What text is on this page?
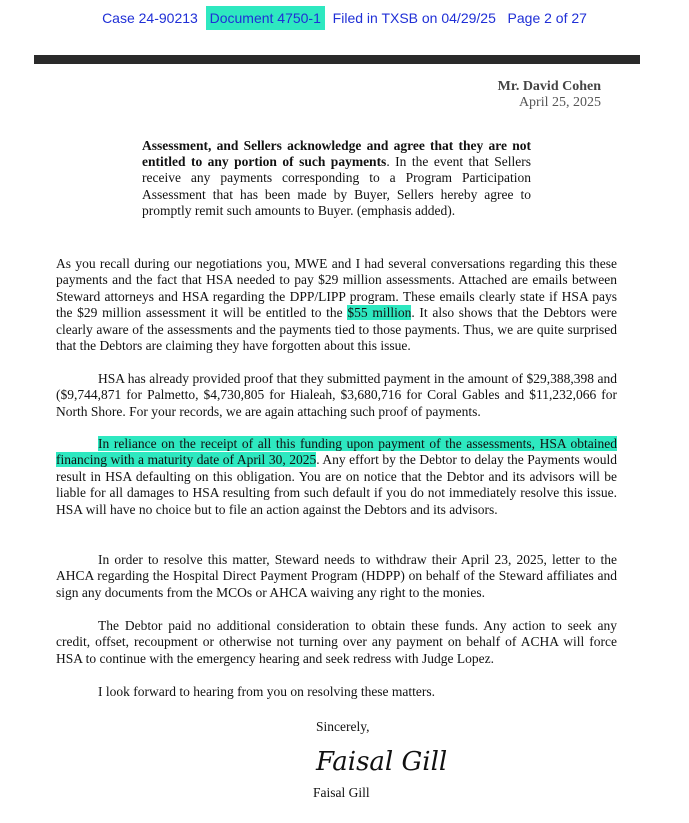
Case 24-90213 Document 4750-1 Filed in TXSB on 04/29/25 Page 2 of 27
Mr. David Cohen
April 25, 2025
Assessment, and Sellers acknowledge and agree that they are not entitled to any portion of such payments. In the event that Sellers receive any payments corresponding to a Program Participation Assessment that has been made by Buyer, Sellers hereby agree to promptly remit such amounts to Buyer. (emphasis added).
As you recall during our negotiations you, MWE and I had several conversations regarding this these payments and the fact that HSA needed to pay $29 million assessments. Attached are emails between Steward attorneys and HSA regarding the DPP/LIPP program. These emails clearly state if HSA pays the $29 million assessment it will be entitled to the $55 million. It also shows that the Debtors were clearly aware of the assessments and the payments tied to those payments. Thus, we are quite surprised that the Debtors are claiming they have forgotten about this issue.
HSA has already provided proof that they submitted payment in the amount of $29,388,398 and ($9,744,871 for Palmetto, $4,730,805 for Hialeah, $3,680,716 for Coral Gables and $11,232,066 for North Shore. For your records, we are again attaching such proof of payments.
In reliance on the receipt of all this funding upon payment of the assessments, HSA obtained financing with a maturity date of April 30, 2025. Any effort by the Debtor to delay the Payments would result in HSA defaulting on this obligation. You are on notice that the Debtor and its advisors will be liable for all damages to HSA resulting from such default if you do not immediately resolve this issue. HSA will have no choice but to file an action against the Debtors and its advisors.
In order to resolve this matter, Steward needs to withdraw their April 23, 2025, letter to the AHCA regarding the Hospital Direct Payment Program (HDPP) on behalf of the Steward affiliates and sign any documents from the MCOs or AHCA waiving any right to the monies.
The Debtor paid no additional consideration to obtain these funds. Any action to seek any credit, offset, recoupment or otherwise not turning over any payment on behalf of ACHA will force HSA to continue with the emergency hearing and seek redress with Judge Lopez.
I look forward to hearing from you on resolving these matters.
Sincerely,
Faisal Gill
Faisal Gill
